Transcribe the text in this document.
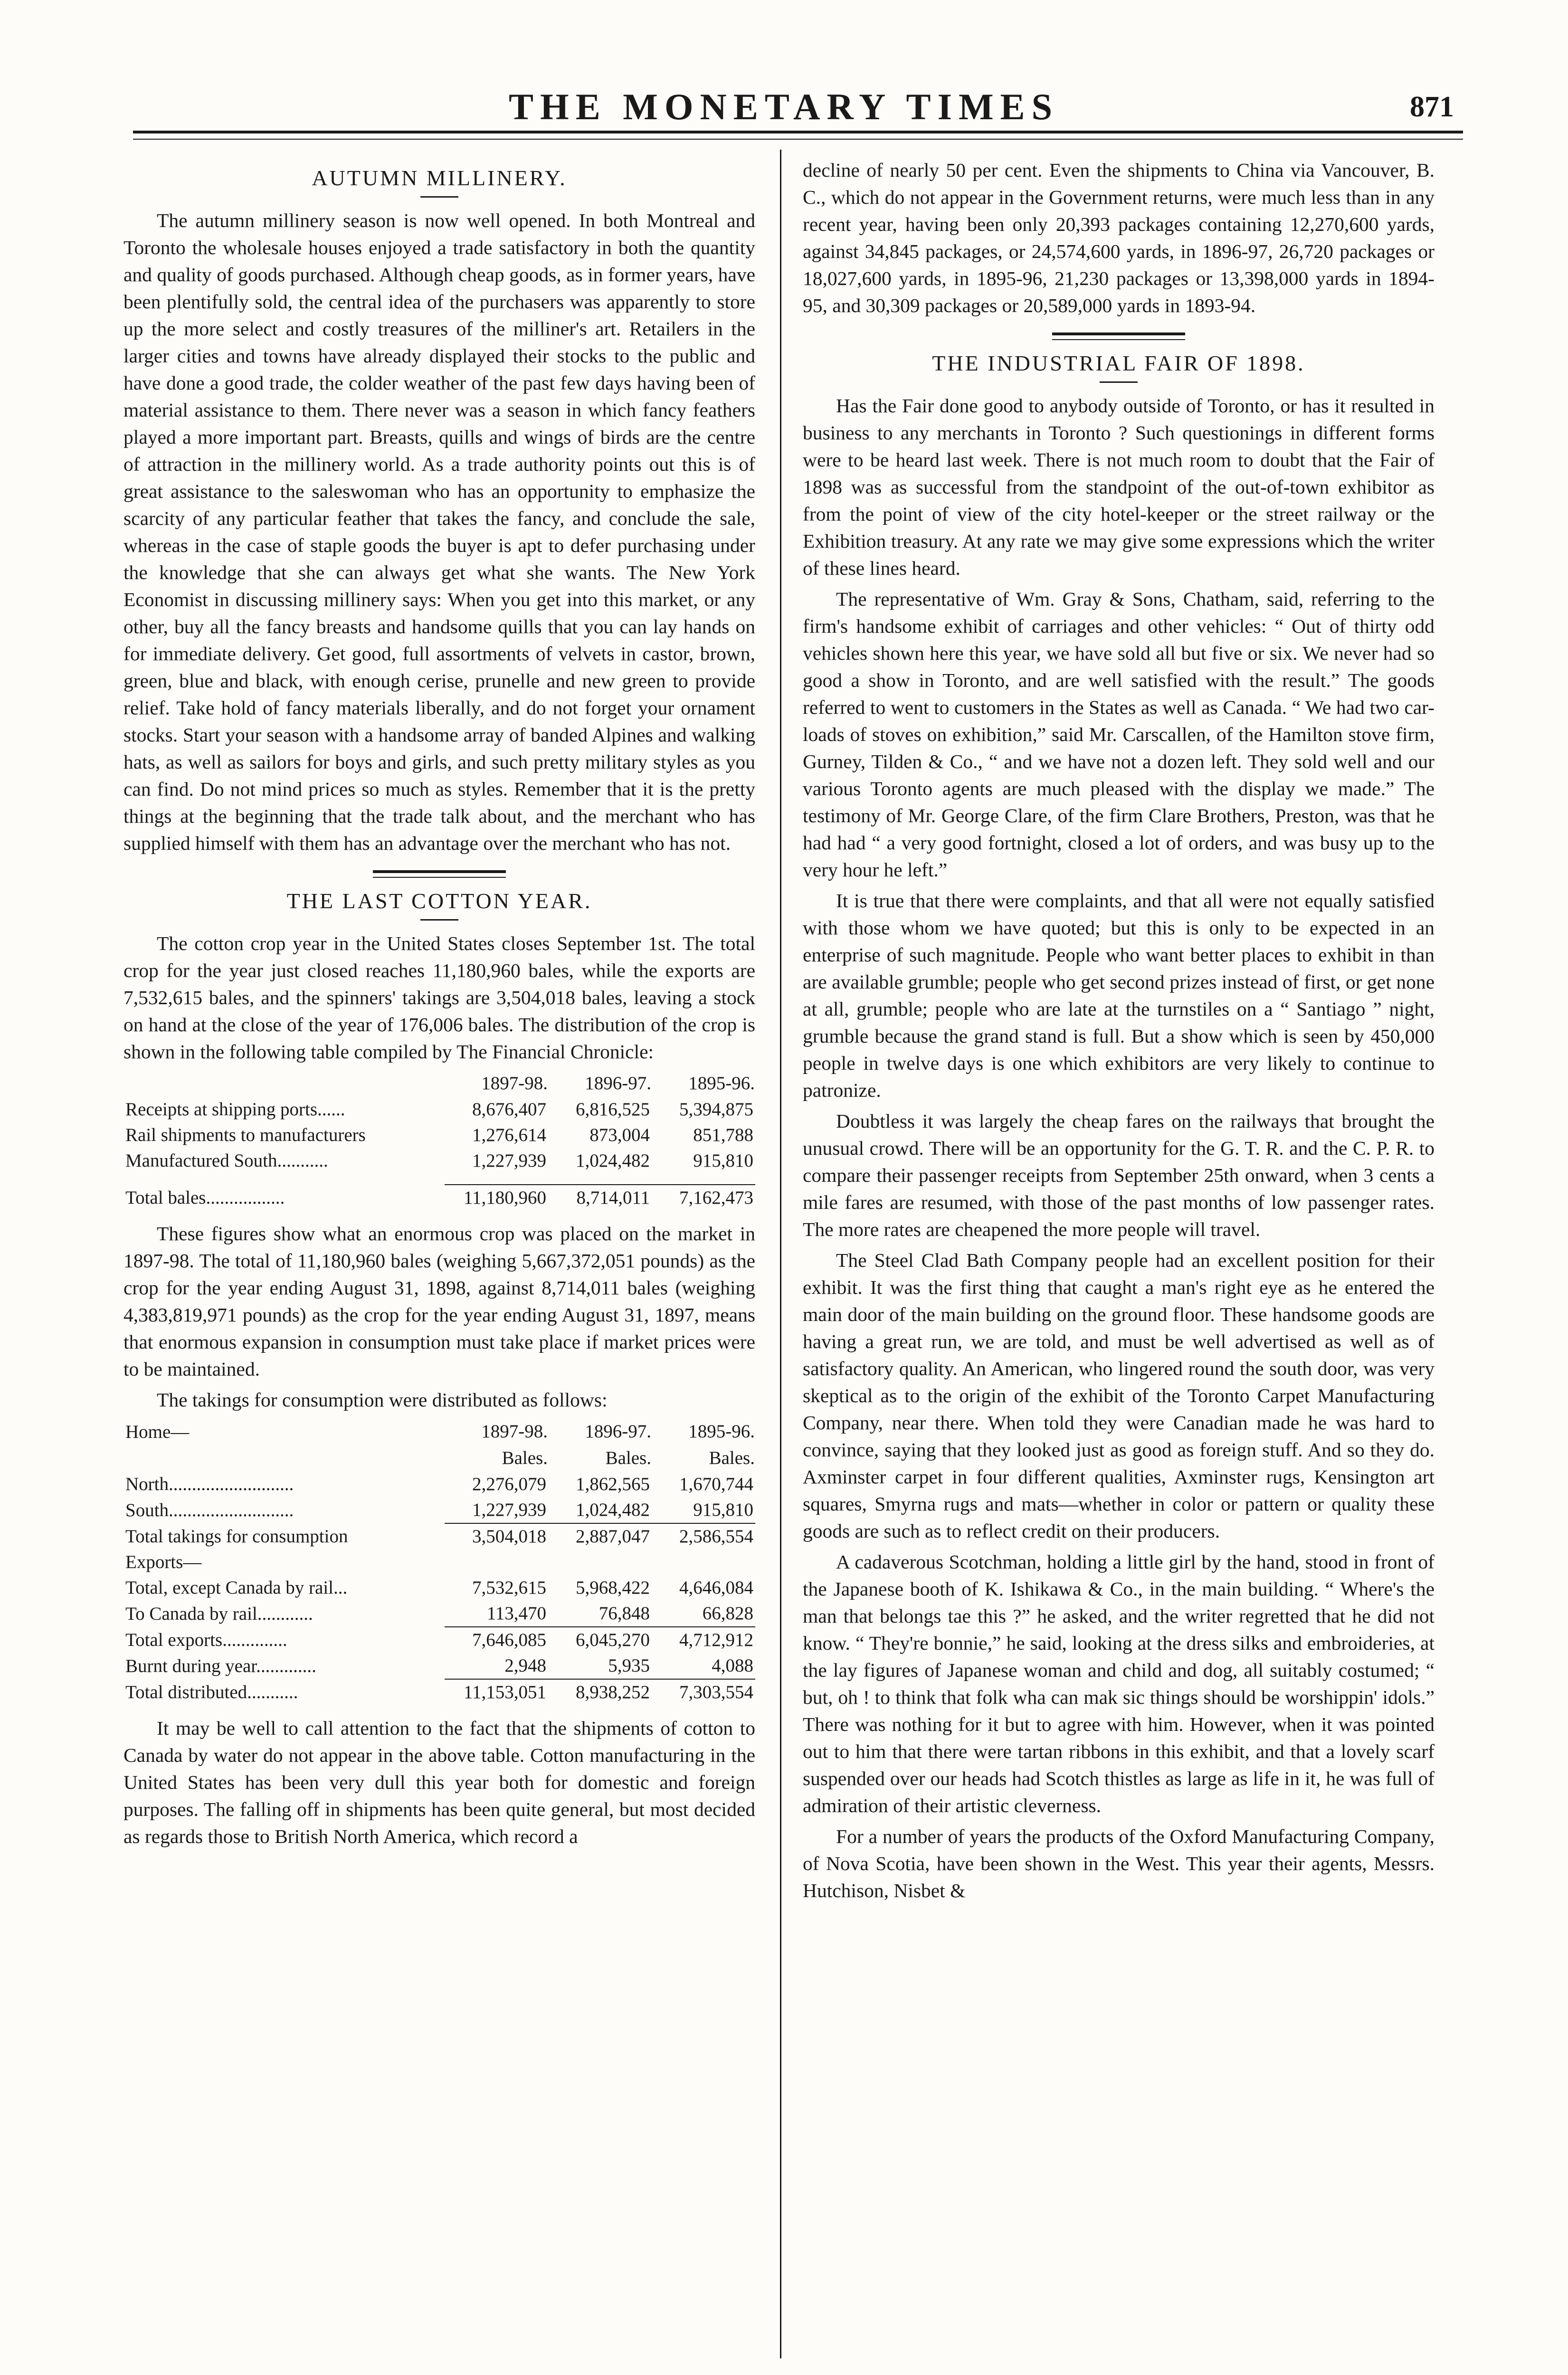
THE MONETARY TIMES	871
AUTUMN MILLINERY.

The autumn millinery season is now well opened. In both Montreal and Toronto the wholesale houses enjoyed a trade satisfactory in both the quantity and quality of goods purchased. Although cheap goods, as in former years, have been plentifully sold, the central idea of the purchasers was apparently to store up the more select and costly treasures of the milliner's art. Retailers in the larger cities and towns have already displayed their stocks to the public and have done a good trade, the colder weather of the past few days having been of material assistance to them. There never was a season in which fancy feathers played a more important part. Breasts, quills and wings of birds are the centre of attraction in the millinery world. As a trade authority points out this is of great assistance to the saleswoman who has an opportunity to emphasize the scarcity of any particular feather that takes the fancy, and conclude the sale, whereas in the case of staple goods the buyer is apt to defer purchasing under the knowledge that she can always get what she wants. The New York Economist in discussing millinery says: When you get into this market, or any other, buy all the fancy breasts and handsome quills that you can lay hands on for immediate delivery. Get good, full assortments of velvets in castor, brown, green, blue and black, with enough cerise, prunelle and new green to provide relief. Take hold of fancy materials liberally, and do not forget your ornament stocks. Start your season with a handsome array of banded Alpines and walking hats, as well as sailors for boys and girls, and such pretty military styles as you can find. Do not mind prices so much as styles. Remember that it is the pretty things at the beginning that the trade talk about, and the merchant who has supplied himself with them has an advantage over the merchant who has not.

THE LAST COTTON YEAR.

The cotton crop year in the United States closes September 1st. The total crop for the year just closed reaches 11,180,960 bales, while the exports are 7,532,615 bales, and the spinners' takings are 3,504,018 bales, leaving a stock on hand at the close of the year of 176,006 bales. The distribution of the crop is shown in the following table compiled by The Financial Chronicle:

	1897-98.	1896-97.	1895-96.
Receipts at shipping ports......	8,676,407	6,816,525	5,394,875
Rail shipments to manufacturers	1,276,614	873,004	851,788
Manufactured South...........	1,227,939	1,024,482	915,810

Total bales.................	11,180,960	8,714,011	7,162,473

These figures show what an enormous crop was placed on the market in 1897-98. The total of 11,180,960 bales (weighing 5,667,372,051 pounds) as the crop for the year ending August 31, 1898, against 8,714,011 bales (weighing 4,383,819,971 pounds) as the crop for the year ending August 31, 1897, means that enormous expansion in consumption must take place if market prices were to be maintained.

The takings for consumption were distributed as follows:

Home—	1897-98.	1896-97.	1895-96.
	Bales.	Bales.	Bales.
North...........................	2,276,079	1,862,565	1,670,744
South...........................	1,227,939	1,024,482	915,810
Total takings for consumption	3,504,018	2,887,047	2,586,554
Exports—			
Total, except Canada by rail...	7,532,615	5,968,422	4,646,084
To Canada by rail............	113,470	76,848	66,828
Total exports..............	7,646,085	6,045,270	4,712,912
Burnt during year.............	2,948	5,935	4,088
Total distributed...........	11,153,051	8,938,252	7,303,554

It may be well to call attention to the fact that the shipments of cotton to Canada by water do not appear in the above table. Cotton manufacturing in the United States has been very dull this year both for domestic and foreign purposes. The falling off in shipments has been quite general, but most decided as regards those to British North America, which record a

decline of nearly 50 per cent. Even the shipments to China via Vancouver, B. C., which do not appear in the Government returns, were much less than in any recent year, having been only 20,393 packages containing 12,270,600 yards, against 34,845 packages, or 24,574,600 yards, in 1896-97, 26,720 packages or 18,027,600 yards, in 1895-96, 21,230 packages or 13,398,000 yards in 1894-95, and 30,309 packages or 20,589,000 yards in 1893-94.

THE INDUSTRIAL FAIR OF 1898.

Has the Fair done good to anybody outside of Toronto, or has it resulted in business to any merchants in Toronto ? Such questionings in different forms were to be heard last week. There is not much room to doubt that the Fair of 1898 was as successful from the standpoint of the out-of-town exhibitor as from the point of view of the city hotel-keeper or the street railway or the Exhibition treasury. At any rate we may give some expressions which the writer of these lines heard.

The representative of Wm. Gray & Sons, Chatham, said, referring to the firm's handsome exhibit of carriages and other vehicles: “ Out of thirty odd vehicles shown here this year, we have sold all but five or six. We never had so good a show in Toronto, and are well satisfied with the result.” The goods referred to went to customers in the States as well as Canada. “ We had two car-loads of stoves on exhibition,” said Mr. Carscallen, of the Hamilton stove firm, Gurney, Tilden & Co., “ and we have not a dozen left. They sold well and our various Toronto agents are much pleased with the display we made.” The testimony of Mr. George Clare, of the firm Clare Brothers, Preston, was that he had had “ a very good fortnight, closed a lot of orders, and was busy up to the very hour he left.”

It is true that there were complaints, and that all were not equally satisfied with those whom we have quoted; but this is only to be expected in an enterprise of such magnitude. People who want better places to exhibit in than are available grumble; people who get second prizes instead of first, or get none at all, grumble; people who are late at the turnstiles on a “ Santiago ” night, grumble because the grand stand is full. But a show which is seen by 450,000 people in twelve days is one which exhibitors are very likely to continue to patronize.

Doubtless it was largely the cheap fares on the railways that brought the unusual crowd. There will be an opportunity for the G. T. R. and the C. P. R. to compare their passenger receipts from September 25th onward, when 3 cents a mile fares are resumed, with those of the past months of low passenger rates. The more rates are cheapened the more people will travel.

The Steel Clad Bath Company people had an excellent position for their exhibit. It was the first thing that caught a man's right eye as he entered the main door of the main building on the ground floor. These handsome goods are having a great run, we are told, and must be well advertised as well as of satisfactory quality. An American, who lingered round the south door, was very skeptical as to the origin of the exhibit of the Toronto Carpet Manufacturing Company, near there. When told they were Canadian made he was hard to convince, saying that they looked just as good as foreign stuff. And so they do. Axminster carpet in four different qualities, Axminster rugs, Kensington art squares, Smyrna rugs and mats—whether in color or pattern or quality these goods are such as to reflect credit on their producers.

A cadaverous Scotchman, holding a little girl by the hand, stood in front of the Japanese booth of K. Ishikawa & Co., in the main building. “ Where's the man that belongs tae this ?” he asked, and the writer regretted that he did not know. “ They're bonnie,” he said, looking at the dress silks and embroideries, at the lay figures of Japanese woman and child and dog, all suitably costumed; “ but, oh ! to think that folk wha can mak sic things should be worshippin' idols.” There was nothing for it but to agree with him. However, when it was pointed out to him that there were tartan ribbons in this exhibit, and that a lovely scarf suspended over our heads had Scotch thistles as large as life in it, he was full of admiration of their artistic cleverness.

For a number of years the products of the Oxford Manufacturing Company, of Nova Scotia, have been shown in the West. This year their agents, Messrs. Hutchison, Nisbet &
